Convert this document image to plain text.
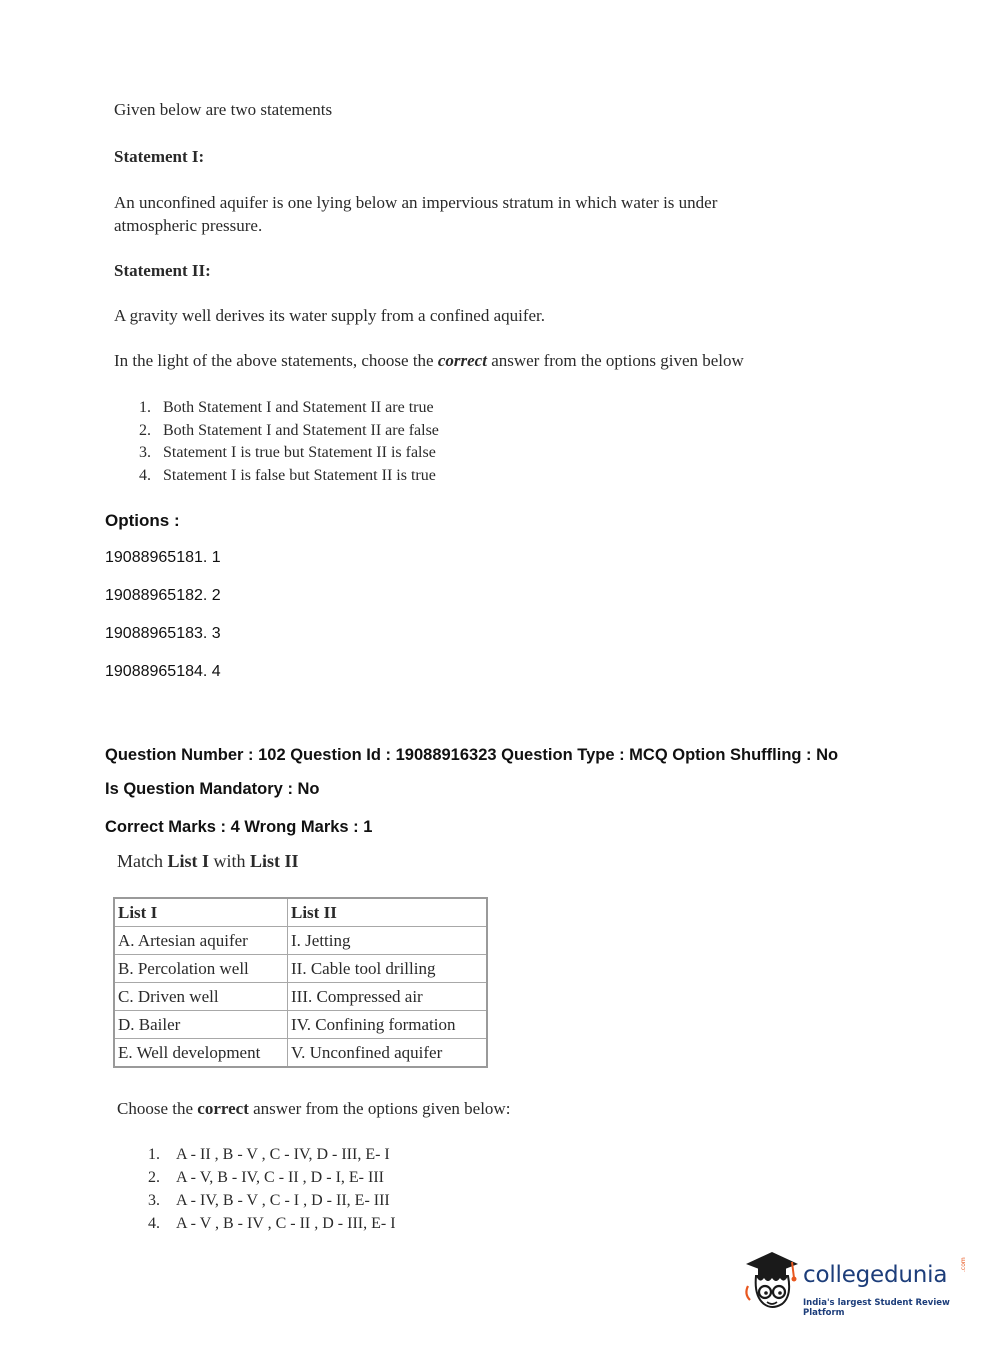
Given below are two statements
Statement I:
An unconfined aquifer is one lying below an impervious stratum in which water is under atmospheric pressure.
Statement II:
A gravity well derives its water supply from a confined aquifer.
In the light of the above statements, choose the correct answer from the options given below
1. Both Statement I and Statement II are true
2. Both Statement I and Statement II are false
3. Statement I is true but Statement II is false
4. Statement I is false but Statement II is true
Options :
19088965181. 1
19088965182. 2
19088965183. 3
19088965184. 4
Question Number : 102 Question Id : 19088916323 Question Type : MCQ Option Shuffling : No
Is Question Mandatory : No
Correct Marks : 4 Wrong Marks : 1
Match List I with List II
List I	List II
A. Artesian aquifer	I. Jetting
B. Percolation well	II. Cable tool drilling
C. Driven well	III. Compressed air
D. Bailer	IV. Confining formation
E. Well development	V. Unconfined aquifer
Choose the correct answer from the options given below:
1.	A - II , B - V , C - IV, D - III, E- I
2.	A - V, B - IV, C - II , D - I, E- III
3.	A - IV, B - V , C - I , D - II, E- III
4.	A - V , B - IV , C - II , D - III, E- I
collegedunia .com
India's largest Student Review Platform
